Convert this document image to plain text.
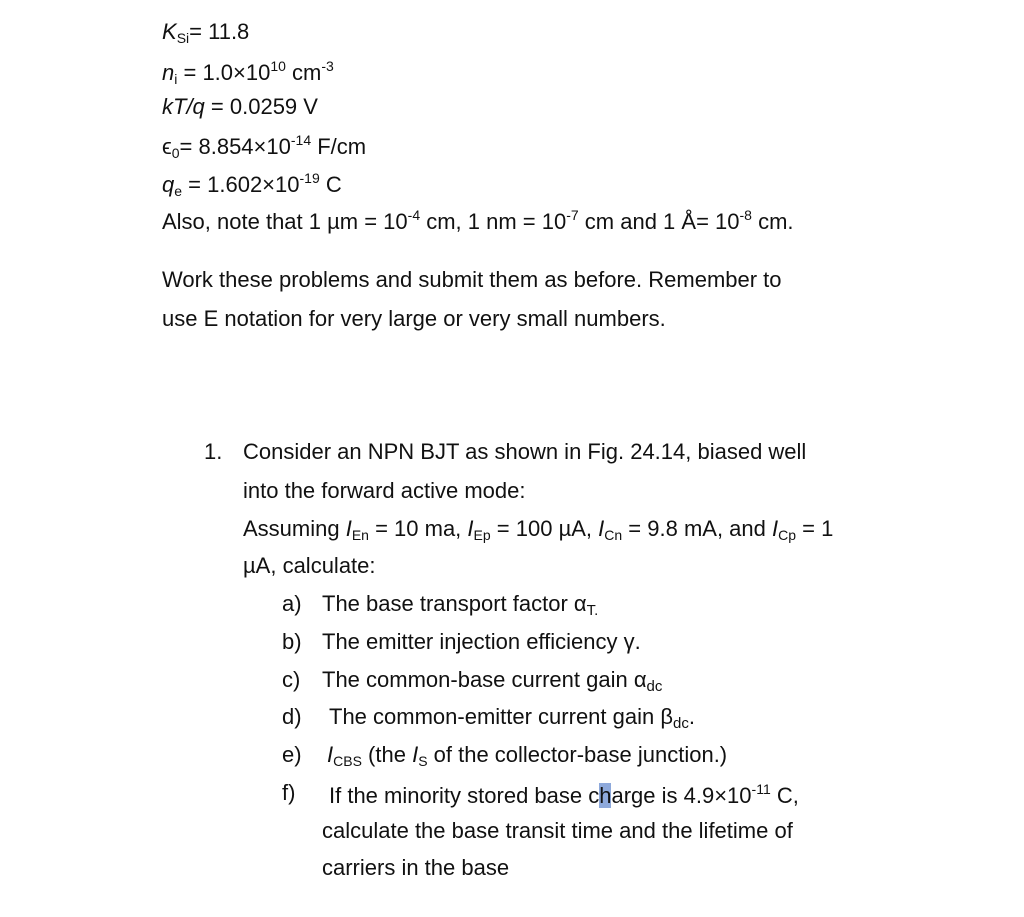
$K_{Si}= 11.8$
$n_i = 1.0\times 10^{10}$ $cm^{-3}$
kT/q = 0.0259 V
$\epsilon_0= 8.854\times 10^{-14}$ F/cm
$q_e = 1.602\times 10^{-19}$ C
Also, note that 1 $\mu m = 10^{-4}$ cm, 1 nm = $10^{-7}$ cm and 1 Å= $10^{-8}$ cm.
Work these problems and submit them as before. Remember to
use E notation for very large or very small numbers.
1. Consider an NPN BJT as shown in Fig. 24.14, biased well
into the forward active mode:
Assuming $I_{En} = 10$ ma, $I_{Ep} = 100$ µA, $I_{Cn} = 9.8$ mA, and $I_{Cp} = 1$
µA, calculate:
a) The base transport factor αT.
b) The emitter injection efficiency γ.
c) The common-base current gain αdc
d) The common-emitter current gain βdc.
e) $I_{CBS}$ (the $I_S$ of the collector-base junction.)
f) If the minority stored base charge is $4.9\times 10^{-11}$ C,
calculate the base transit time and the lifetime of
carriers in the base
